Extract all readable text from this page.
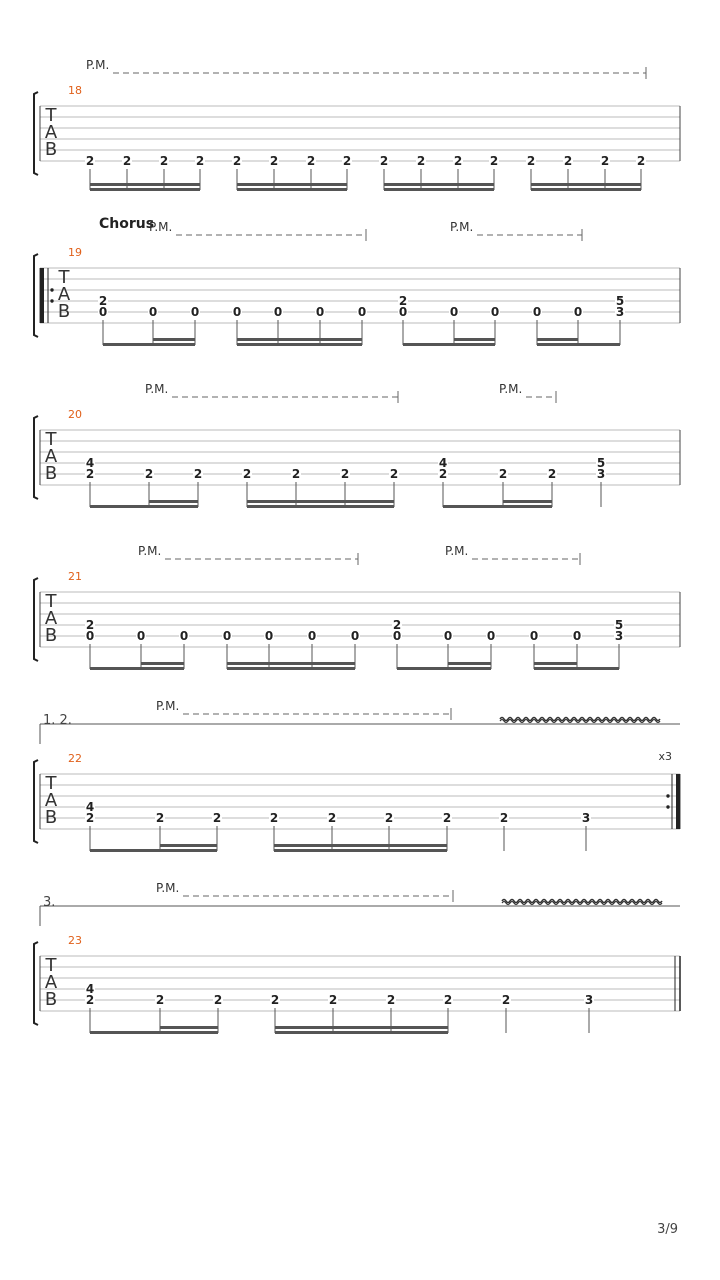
T
A
B
18
P.M.
2 2 2 2 2 2 2 2 2 2 2 2 2 2 2 2
T
A
B
19
Chorus
P.M.	P.M.
2
0	0	0	0	0	0	0
2
0	0	0	0	0
5
3
T
A
B
20
P.M.	P.M.
4
2	2	2	2	2	2	2
4
2	2	2
5
3
T
A
B
21
P.M.	P.M.
2
0	0	0	0	0	0	0
2
0	0	0	0	0
5
3
T
A
B
22	x3
1. 2.
P.M.
4
2	2	2	2	2	2	2	2	3
T
A
B
23
3.
P.M.
4
2	2	2	2	2	2	2	2	3
3/9
